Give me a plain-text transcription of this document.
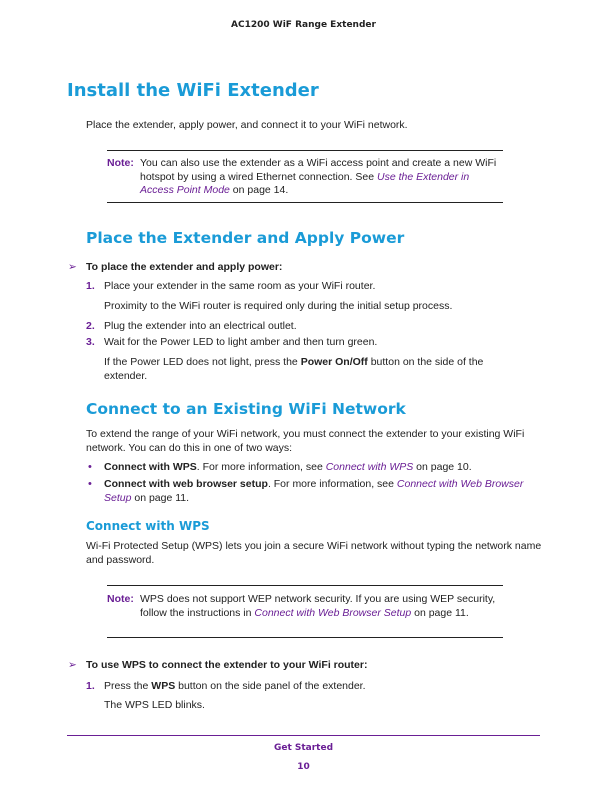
AC1200 WiF Range Extender
Install the WiFi Extender
Place the extender, apply power, and connect it to your WiFi network.
Note: You can also use the extender as a WiFi access point and create a new WiFi hotspot by using a wired Ethernet connection. See Use the Extender in Access Point Mode on page 14.
Place the Extender and Apply Power
➢ To place the extender and apply power:
1. Place your extender in the same room as your WiFi router.
Proximity to the WiFi router is required only during the initial setup process.
2. Plug the extender into an electrical outlet.
3. Wait for the Power LED to light amber and then turn green.
If the Power LED does not light, press the Power On/Off button on the side of the extender.
Connect to an Existing WiFi Network
To extend the range of your WiFi network, you must connect the extender to your existing WiFi network. You can do this in one of two ways:
• Connect with WPS. For more information, see Connect with WPS on page 10.
• Connect with web browser setup. For more information, see Connect with Web Browser Setup on page 11.
Connect with WPS
Wi-Fi Protected Setup (WPS) lets you join a secure WiFi network without typing the network name and password.
Note: WPS does not support WEP network security. If you are using WEP security, follow the instructions in Connect with Web Browser Setup on page 11.
➢ To use WPS to connect the extender to your WiFi router:
1. Press the WPS button on the side panel of the extender.
The WPS LED blinks.
Get Started
10
